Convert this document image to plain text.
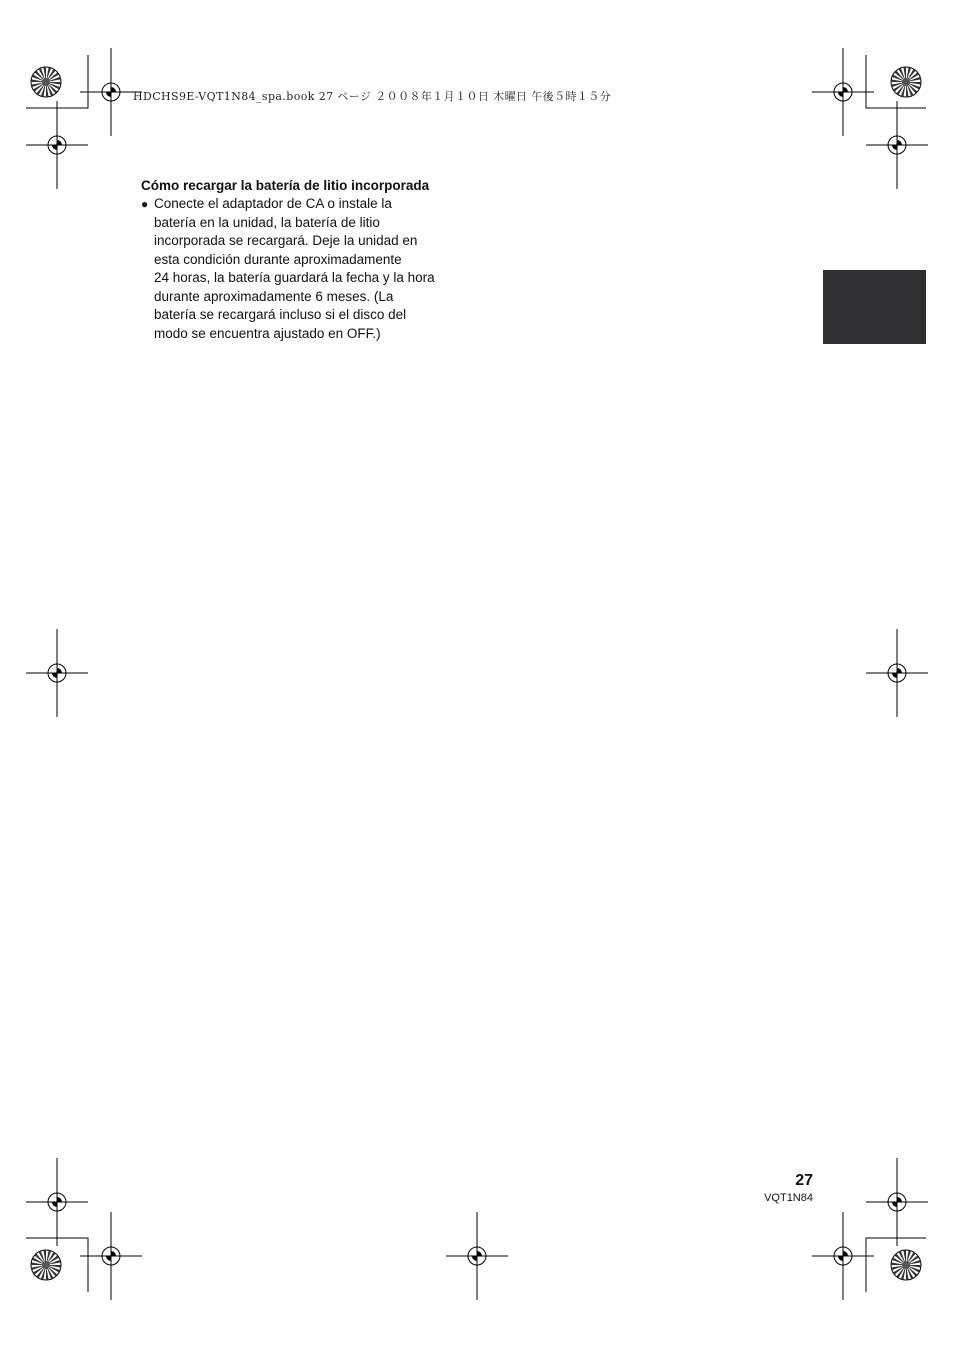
HDCHS9E-VQT1N84_spa.book 27 ページ ２００８年１月１０日 木曜日 午後５時１５分

Cómo recargar la batería de litio incorporada

● Conecte el adaptador de CA o instale la
batería en la unidad, la batería de litio
incorporada se recargará. Deje la unidad en
esta condición durante aproximadamente
24 horas, la batería guardará la fecha y la hora
durante aproximadamente 6 meses. (La
batería se recargará incluso si el disco del
modo se encuentra ajustado en OFF.)
27
VQT1N84
